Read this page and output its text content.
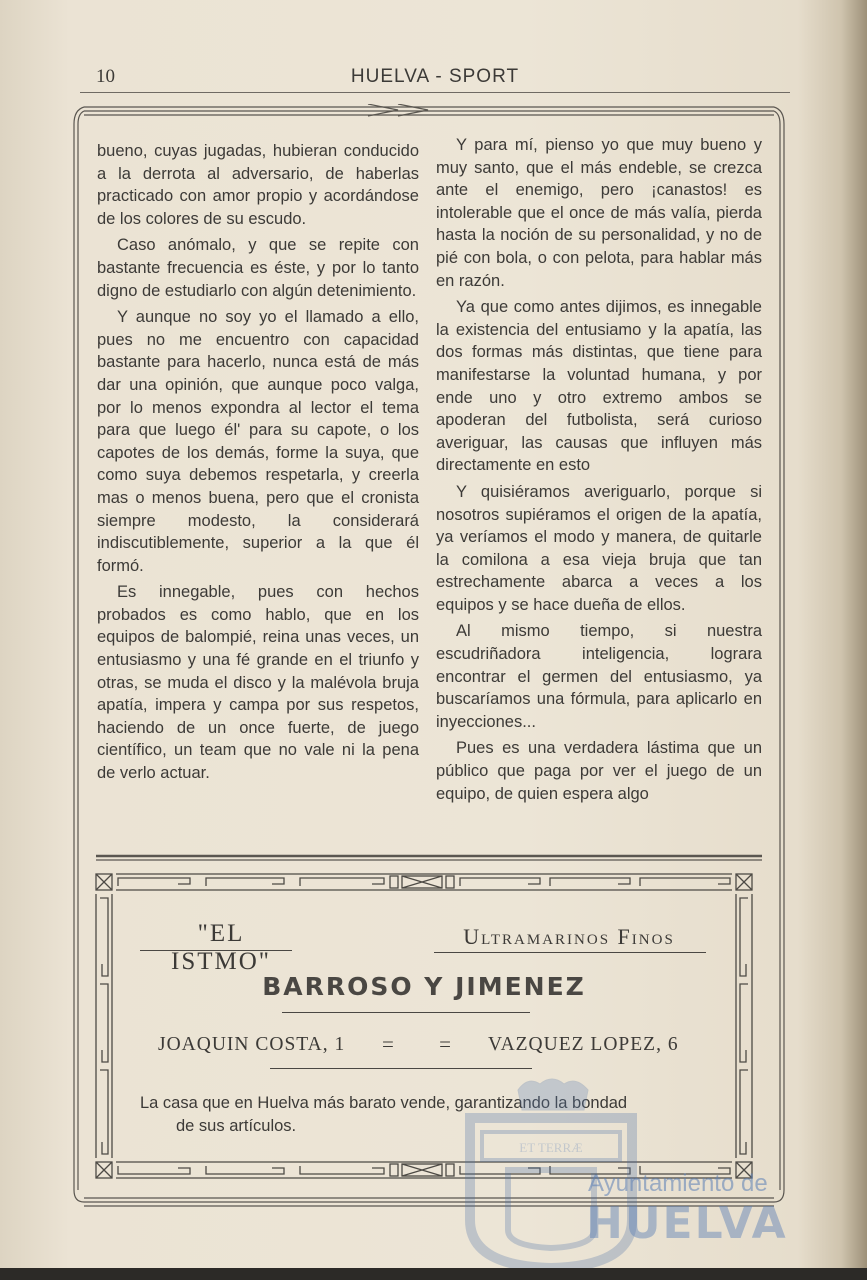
10	HUELVA - SPORT

bueno, cuyas jugadas, hubieran conducido a la derrota al adversario, de haberlas practicado con amor propio y acordándose de los colores de su escudo.

Caso anómalo, y que se repite con bastante frecuencia es éste, y por lo tanto digno de estudiarlo con algún detenimiento.

Y aunque no soy yo el llamado a ello, pues no me encuentro con capacidad bastante para hacerlo, nunca está de más dar una opinión, que aunque poco valga, por lo menos expondra al lector el tema para que luego él' para su capote, o los capotes de los demás, forme la suya, que como suya debemos respetarla, y creerla mas o menos buena, pero que el cronista siempre modesto, la considerará indiscutiblemente, superior a la que él formó.

Es innegable, pues con hechos probados es como hablo, que en los equipos de balompié, reina unas veces, un entusiasmo y una fé grande en el triunfo y otras, se muda el disco y la malévola bruja apatía, impera y campa por sus respetos, haciendo de un once fuerte, de juego científico, un team que no vale ni la pena de verlo actuar.

Y para mí, pienso yo que muy bueno y muy santo, que el más endeble, se crezca ante el enemigo, pero ¡canastos! es intolerable que el once de más valía, pierda hasta la noción de su personalidad, y no de pié con bola, o con pelota, para hablar más en razón.

Ya que como antes dijimos, es innegable la existencia del entusiamo y la apatía, las dos formas más distintas, que tiene para manifestarse la voluntad humana, y por ende uno y otro extremo ambos se apoderan del futbolista, será curioso averiguar, las causas que influyen más directamente en esto

Y quisiéramos averiguarlo, porque si nosotros supiéramos el origen de la apatía, ya veríamos el modo y manera, de quitarle la comilona a esa vieja bruja que tan estrechamente abarca a veces a los equipos y se hace dueña de ellos.

Al mismo tiempo, si nuestra escudriñadora inteligencia, lograra encontrar el germen del entusiasmo, ya buscaríamos una fórmula, para aplicarlo en inyecciones...

Pues es una verdadera lástima que un público que paga por ver el juego de un equipo, de quien espera algo

"EL ISTMO"
Ultramarinos Finos
BARROSO Y JIMENEZ
JOAQUIN COSTA, 1 = = VAZQUEZ LOPEZ, 6
La casa que en Huelva más barato vende, garantizando la bondad
de sus artículos.
ET TERRÆ
Ayuntamiento de
HUELVA
